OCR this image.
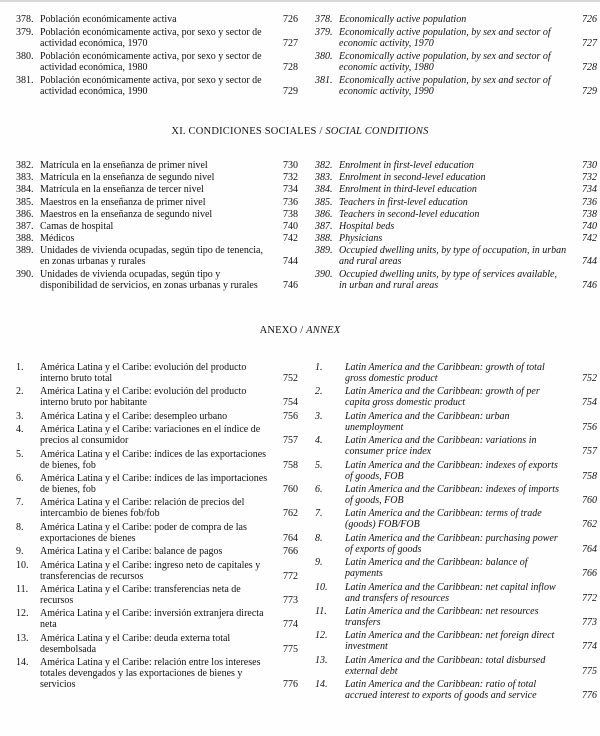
378. Población económicamente activa	726
379. Población económicamente activa, por sexo y sector de actividad económica, 1970	727
380. Población económicamente activa, por sexo y sector de actividad económica, 1980	728
381. Población económicamente activa, por sexo y sector de actividad económica, 1990	729
378. Economically active population	726
379. Economically active population, by sex and sector of economic activity, 1970	727
380. Economically active population, by sex and sector of economic activity, 1980	728
381. Economically active population, by sex and sector of economic activity, 1990	729
XI. CONDICIONES SOCIALES / SOCIAL CONDITIONS
382. Matrícula en la enseñanza de primer nivel	730
383. Matrícula en la enseñanza de segundo nivel	732
384. Matrícula en la enseñanza de tercer nivel	734
385. Maestros en la enseñanza de primer nivel	736
386. Maestros en la enseñanza de segundo nivel	738
387. Camas de hospital	740
388. Médicos	742
389. Unidades de vivienda ocupadas, según tipo de tenencia, en zonas urbanas y rurales	744
390. Unidades de vivienda ocupadas, según tipo y disponibilidad de servicios, en zonas urbanas y rurales	746
382. Enrolment in first-level education	730
383. Enrolment in second-level education	732
384. Enrolment in third-level education	734
385. Teachers in first-level education	736
386. Teachers in second-level education	738
387. Hospital beds	740
388. Physicians	742
389. Occupied dwelling units, by type of occupation, in urban and rural areas	744
390. Occupied dwelling units, by type of services available, in urban and rural areas	746
ANEXO / ANNEX
1.	América Latina y el Caribe: evolución del producto interno bruto total	752
2.	América Latina y el Caribe: evolución del producto interno bruto por habitante	754
3.	América Latina y el Caribe: desempleo urbano	756
4.	América Latina y el Caribe: variaciones en el índice de precios al consumidor	757
5.	América Latina y el Caribe: índices de las exportaciones de bienes, fob	758
6.	América Latina y el Caribe: índices de las importaciones de bienes, fob	760
7.	América Latina y el Caribe: relación de precios del intercambio de bienes fob/fob	762
8.	América Latina y el Caribe: poder de compra de las exportaciones de bienes	764
9.	América Latina y el Caribe: balance de pagos	766
10.	América Latina y el Caribe: ingreso neto de capitales y transferencias de recursos	772
11.	América Latina y el Caribe: transferencias neta de recursos	773
12.	América Latina y el Caribe: inversión extranjera directa neta	774
13.	América Latina y el Caribe: deuda externa total desembolsada	775
14.	América Latina y el Caribe: relación entre los intereses totales devengados y las exportaciones de bienes y servicios	776
1.	Latin America and the Caribbean: growth of total gross domestic product	752
2.	Latin America and the Caribbean: growth of per capita gross domestic product	754
3.	Latin America and the Caribbean: urban unemployment	756
4.	Latin America and the Caribbean: variations in consumer price index	757
5.	Latin America and the Caribbean: indexes of exports of goods, FOB	758
6.	Latin America and the Caribbean: indexes of imports of goods, FOB	760
7.	Latin America and the Caribbean: terms of trade (goods) FOB/FOB	762
8.	Latin America and the Caribbean: purchasing power of exports of goods	764
9.	Latin America and the Caribbean: balance of payments	766
10.	Latin America and the Caribbean: net capital inflow and transfers of resources	772
11.	Latin America and the Caribbean: net resources transfers	773
12.	Latin America and the Caribbean: net foreign direct investment	774
13.	Latin America and the Caribbean: total disbursed external debt	775
14.	Latin America and the Caribbean: ratio of total accrued interest to exports of goods and service	776
